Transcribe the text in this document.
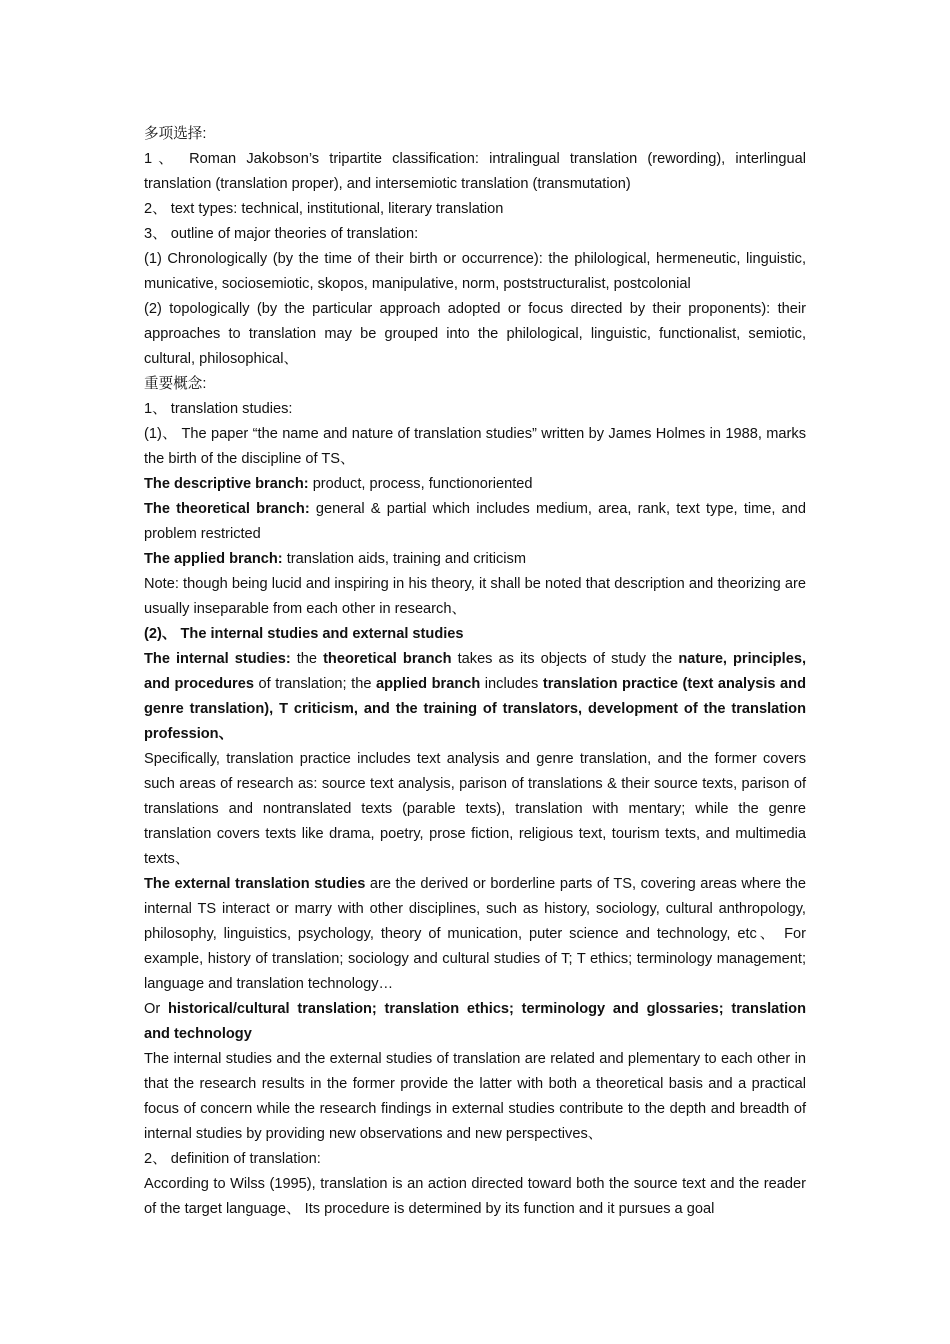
多项选择:

1、 Roman Jakobson’s tripartite classification: intralingual translation (rewording), interlingual translation (translation proper), and intersemiotic translation (transmutation)

2、 text types: technical, institutional, literary translation

3、 outline of major theories of translation:

(1) Chronologically (by the time of their birth or occurrence): the philological, hermeneutic, linguistic, municative, sociosemiotic, skopos, manipulative, norm, poststructuralist, postcolonial

(2) topologically (by the particular approach adopted or focus directed by their proponents): their approaches to translation may be grouped into the philological, linguistic, functionalist, semiotic, cultural, philosophical、

重要概念:

1、 translation studies:

(1)、 The paper “the name and nature of translation studies” written by James Holmes in 1988, marks the birth of the discipline of TS、

The descriptive branch: product, process, functionoriented

The theoretical branch: general & partial which includes medium, area, rank, text type, time, and problem restricted

The applied branch: translation aids, training and criticism

Note: though being lucid and inspiring in his theory, it shall be noted that description and theorizing are usually inseparable from each other in research、

(2)、 The internal studies and external studies

The internal studies: the theoretical branch takes as its objects of study the nature, principles, and procedures of translation; the applied branch includes translation practice (text analysis and genre translation), T criticism, and the training of translators, development of the translation profession、

Specifically, translation practice includes text analysis and genre translation, and the former covers such areas of research as: source text analysis, parison of translations & their source texts, parison of translations and nontranslated texts (parable texts), translation with mentary; while the genre translation covers texts like drama, poetry, prose fiction, religious text, tourism texts, and multimedia texts、

The external translation studies are the derived or borderline parts of TS, covering areas where the internal TS interact or marry with other disciplines, such as history, sociology, cultural anthropology, philosophy, linguistics, psychology, theory of munication, puter science and technology, etc、 For example, history of translation; sociology and cultural studies of T; T ethics; terminology management; language and translation technology…

Or historical/cultural translation; translation ethics; terminology and glossaries; translation and technology

The internal studies and the external studies of translation are related and plementary to each other in that the research results in the former provide the latter with both a theoretical basis and a practical focus of concern while the research findings in external studies contribute to the depth and breadth of internal studies by providing new observations and new perspectives、

2、 definition of translation:

According to Wilss (1995), translation is an action directed toward both the source text and the reader of the target language、 Its procedure is determined by its function and it pursues a goal
